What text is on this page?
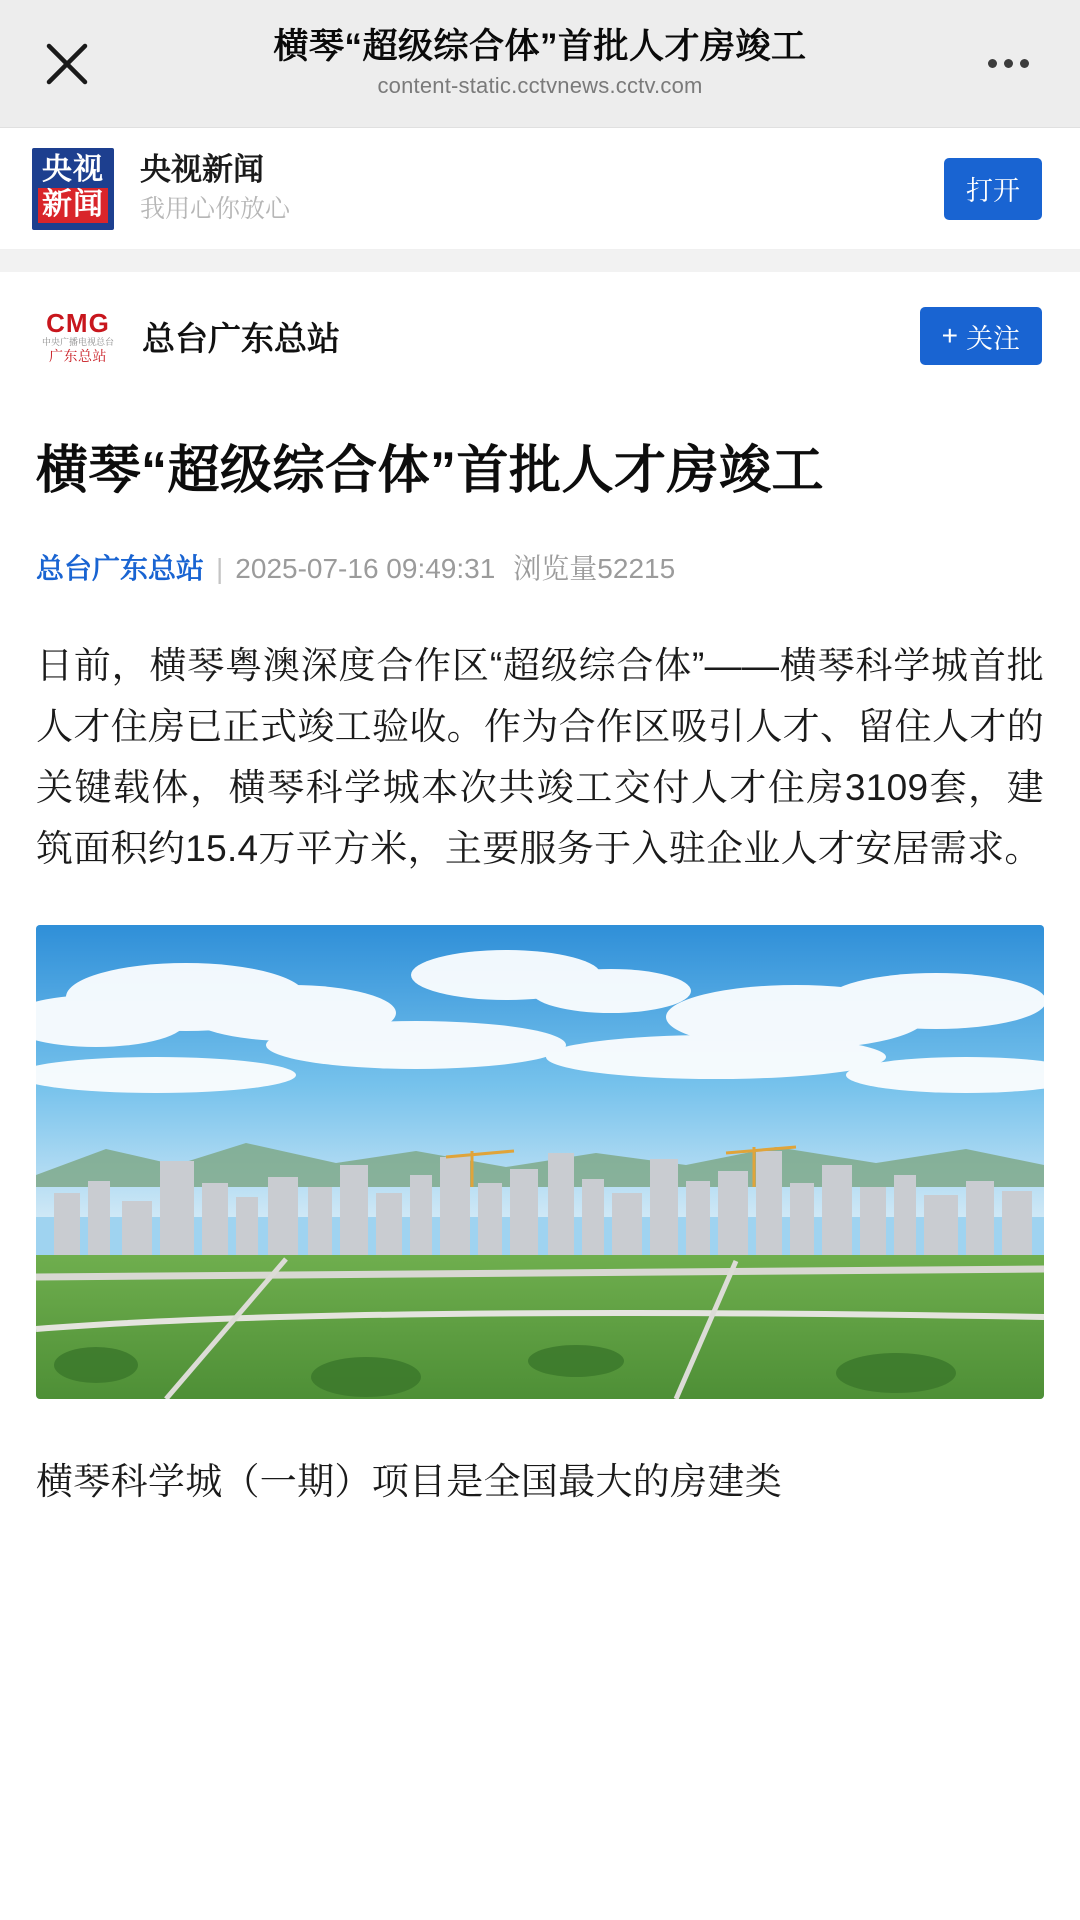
横琴“超级综合体”首批人才房竣工
content-static.cctvnews.cctv.com
央视
新闻
央视新闻
我用心你放心
打开
CMG
中央广播电视总台
广东总站 总台广东总站	+ 关注
横琴“超级综合体”首批人才房竣工
总台广东总站 | 2025-07-16 09:49:31 浏览量52215

日前，横琴粤澳深度合作区“超级综合体”——横琴科学城首批人才住房已正式竣工验收。作为合作区吸引人才、留住人才的关键载体，横琴科学城本次共竣工交付人才住房3109套，建筑面积约15.4万平方米，主要服务于入驻企业人才安居需求。

横琴科学城（一期）项目是全国最大的房建类
